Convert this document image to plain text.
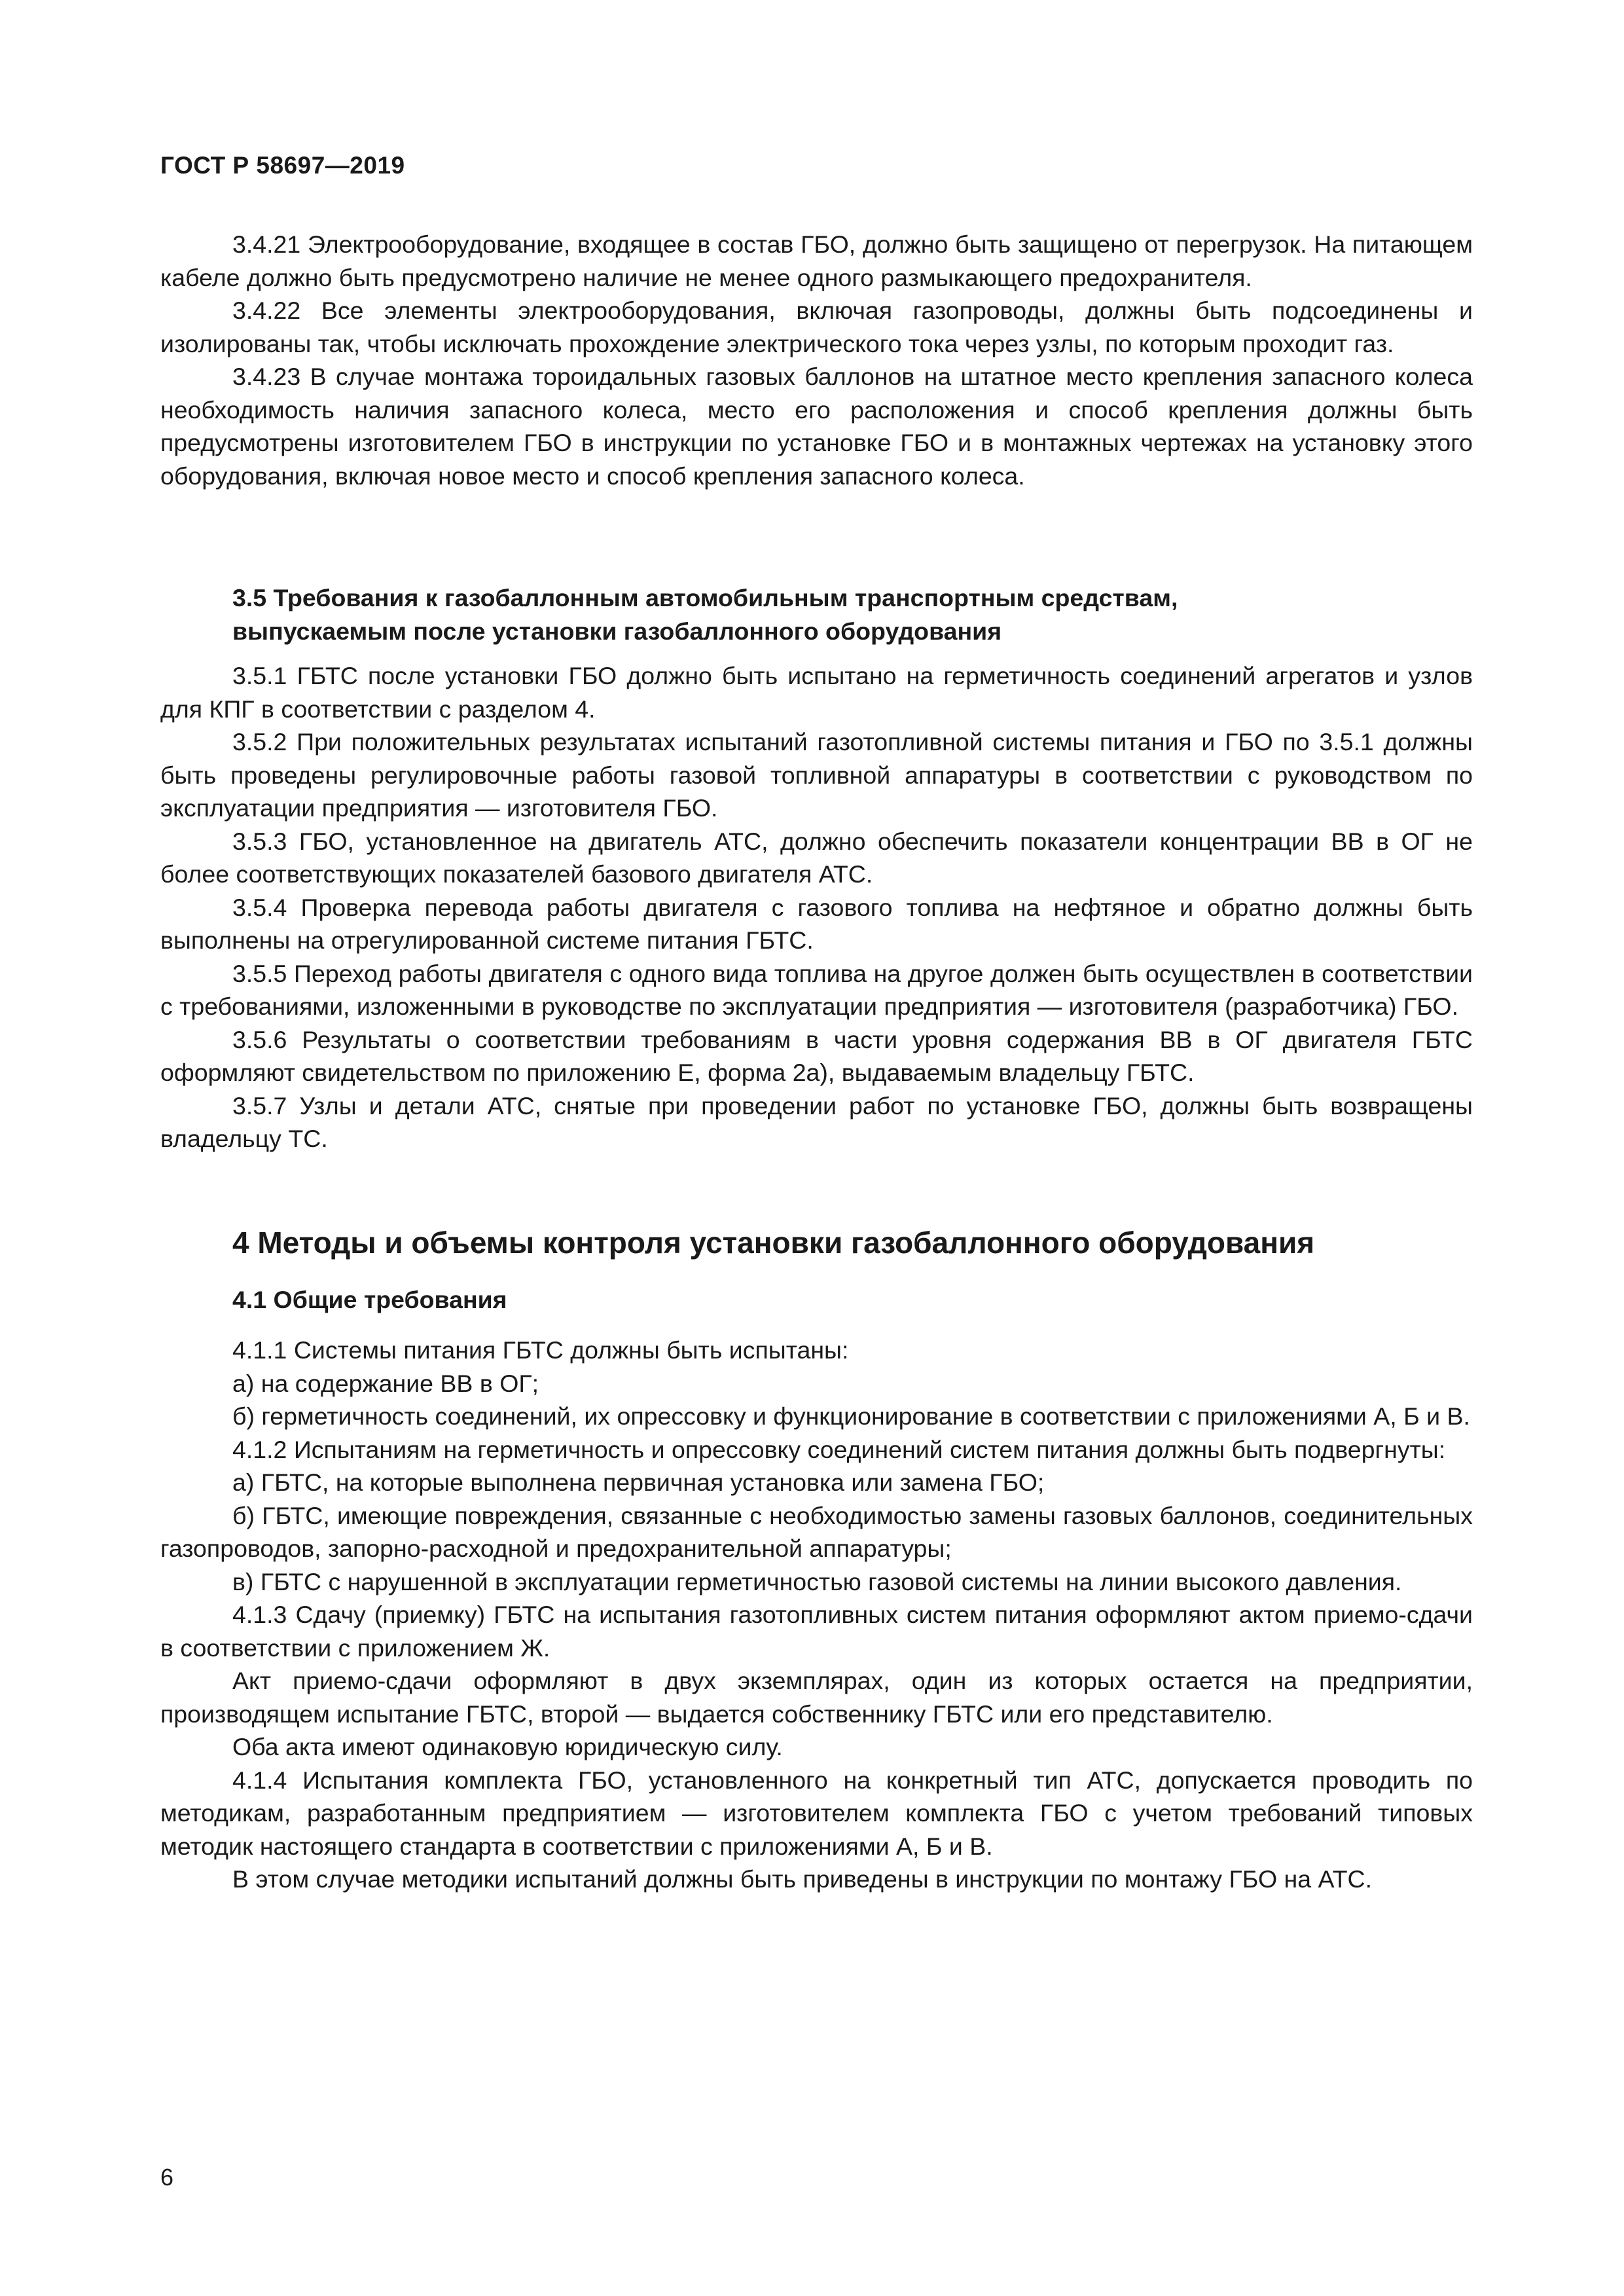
ГОСТ Р 58697—2019

3.4.21 Электрооборудование, входящее в состав ГБО, должно быть защищено от перегрузок. На питающем кабеле должно быть предусмотрено наличие не менее одного размыкающего предохранителя.

3.4.22 Все элементы электрооборудования, включая газопроводы, должны быть подсоединены и изолированы так, чтобы исключать прохождение электрического тока через узлы, по которым проходит газ.

3.4.23 В случае монтажа тороидальных газовых баллонов на штатное место крепления запасного колеса необходимость наличия запасного колеса, место его расположения и способ крепления должны быть предусмотрены изготовителем ГБО в инструкции по установке ГБО и в монтажных чертежах на установку этого оборудования, включая новое место и способ крепления запасного колеса.

3.5 Требования к газобаллонным автомобильным транспортным средствам,
выпускаемым после установки газобаллонного оборудования

3.5.1 ГБТС после установки ГБО должно быть испытано на герметичность соединений агрегатов и узлов для КПГ в соответствии с разделом 4.

3.5.2 При положительных результатах испытаний газотопливной системы питания и ГБО по 3.5.1 должны быть проведены регулировочные работы газовой топливной аппаратуры в соответствии с руководством по эксплуатации предприятия — изготовителя ГБО.

3.5.3 ГБО, установленное на двигатель АТС, должно обеспечить показатели концентрации ВВ в ОГ не более соответствующих показателей базового двигателя АТС.

3.5.4 Проверка перевода работы двигателя с газового топлива на нефтяное и обратно должны быть выполнены на отрегулированной системе питания ГБТС.

3.5.5 Переход работы двигателя с одного вида топлива на другое должен быть осуществлен в соответствии с требованиями, изложенными в руководстве по эксплуатации предприятия — изготовителя (разработчика) ГБО.

3.5.6 Результаты о соответствии требованиям в части уровня содержания ВВ в ОГ двигателя ГБТС оформляют свидетельством по приложению Е, форма 2а), выдаваемым владельцу ГБТС.

3.5.7 Узлы и детали АТС, снятые при проведении работ по установке ГБО, должны быть возвращены владельцу ТС.

4 Методы и объемы контроля установки газобаллонного оборудования

4.1 Общие требования

4.1.1 Системы питания ГБТС должны быть испытаны:

а) на содержание ВВ в ОГ;

б) герметичность соединений, их опрессовку и функционирование в соответствии с приложениями А, Б и В.

4.1.2 Испытаниям на герметичность и опрессовку соединений систем питания должны быть подвергнуты:

а) ГБТС, на которые выполнена первичная установка или замена ГБО;

б) ГБТС, имеющие повреждения, связанные с необходимостью замены газовых баллонов, соединительных газопроводов, запорно-расходной и предохранительной аппаратуры;

в) ГБТС с нарушенной в эксплуатации герметичностью газовой системы на линии высокого давления.

4.1.3 Сдачу (приемку) ГБТС на испытания газотопливных систем питания оформляют актом приемо-сдачи в соответствии с приложением Ж.

Акт приемо-сдачи оформляют в двух экземплярах, один из которых остается на предприятии, производящем испытание ГБТС, второй — выдается собственнику ГБТС или его представителю.

Оба акта имеют одинаковую юридическую силу.

4.1.4 Испытания комплекта ГБО, установленного на конкретный тип АТС, допускается проводить по методикам, разработанным предприятием — изготовителем комплекта ГБО с учетом требований типовых методик настоящего стандарта в соответствии с приложениями А, Б и В.

В этом случае методики испытаний должны быть приведены в инструкции по монтажу ГБО на АТС.

6
